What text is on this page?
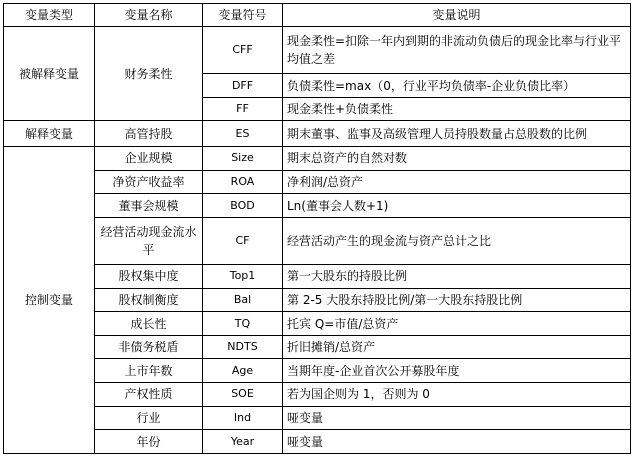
变量类型	变量名称	变量符号	变量说明
被解释变量	财务柔性	CFF	现金柔性=扣除一年内到期的非流动负债后的现金比率与行业平均值之差
		DFF	负债柔性=max（0，行业平均负债率-企业负债比率）
		FF	现金柔性+负债柔性
解释变量	高管持股	ES	期末董事、监事及高级管理人员持股数量占总股数的比例
控制变量	企业规模	Size	期末总资产的自然对数
	净资产收益率	ROA	净利润/总资产
	董事会规模	BOD	Ln(董事会人数+1)
	经营活动现金流水平	CF	经营活动产生的现金流与资产总计之比
	股权集中度	Top1	第一大股东的持股比例
	股权制衡度	Bal	第 2-5 大股东持股比例/第一大股东持股比例
	成长性	TQ	托宾 Q=市值/总资产
	非债务税盾	NDTS	折旧摊销/总资产
	上市年数	Age	当期年度-企业首次公开募股年度
	产权性质	SOE	若为国企则为 1，否则为 0
	行业	Ind	哑变量
	年份	Year	哑变量
